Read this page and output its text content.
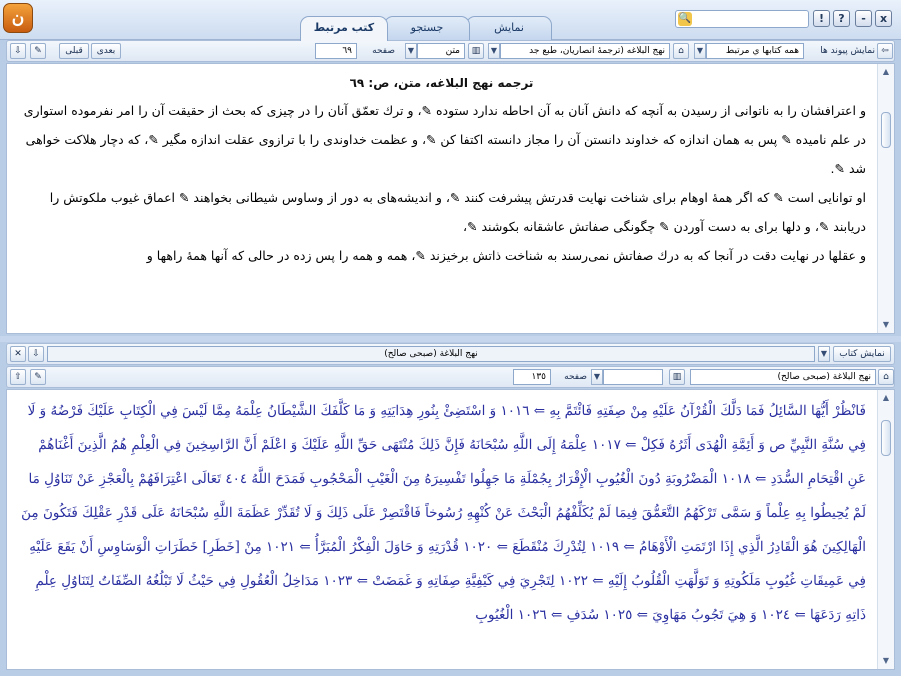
ن	نمایش
جستجو
کتب مرتبط
🔍	!	?	-	x
⇩	✎	قبلی	بعدی	٦٩	صفحه	▼	متن	▥	▼	نهج البلاغه (ترجمهٔ انصاريان، طبع جد	⌂	▼	همه كتابها ي مرتبط	نمایش پیوند ها ⇦
ترجمه نهج البلاغه، متن، ص: ٦٩

و اعترافشان را به ناتوانى از رسيدن به آنچه كه دانش آنان به آن احاطه ندارد ستوده ✎، و ترك تعمّق آنان را در چيزى كه بحث از حقيقت آن را امر نفرموده استوارى در علم ناميده ✎ پس به همان اندازه كه خداوند دانستن آن را مجاز دانسته اكتفا كن ✎، و عظمت خداوندى را با ترازوى عقلت اندازه مگير ✎، كه دچار هلاكت خواهى شد ✎.

او توانايى است ✎ كه اگر همهٔ اوهام براى شناخت نهايت قدرتش پيشرفت كنند ✎، و انديشه‌هاى به دور از وساوس شيطانى بخواهند ✎ اعماق غيوب ملكوتش را دريابند ✎، و دلها براى به دست آوردن ✎ چگونگى صفاتش عاشقانه بكوشند ✎،

و عقلها در نهايت دقت در آنجا كه به درك صفاتش نمى‌رسند به شناخت ذاتش برخيزند ✎، همه و همه را پس زده در حالى كه آنها همهٔ راهها و

▲
▼
✕	⇩	نهج البلاغة (صبحی صالح)	▼	نمایش کتاب
⇧	✎	١٣٥	صفحه ▼	▥	نهج البلاغة (صبحی صالح)	⌂

فَانْظُرْ أَيُّهَا السَّائِلُ فَمَا دَلَّكَ الْقُرْآنُ عَلَيْهِ مِنْ صِفَتِهِ فَائْتَمَّ بِهِ ⇐ ١٠١٦ وَ اسْتَضِئْ بِنُورِ هِدَايَتِهِ وَ مَا كَلَّفَكَ الشَّيْطَانُ عِلْمَهُ مِمَّا لَيْسَ فِي الْكِتَابِ عَلَيْكَ فَرْضُهُ وَ لَا فِي سُنَّةِ النَّبِيِّ ص وَ أَئِمَّةِ الْهُدَى أَثَرُهُ فَكِلْ ⇐ ١٠١٧ عِلْمَهُ إِلَى اللَّهِ سُبْحَانَهُ فَإِنَّ ذَلِكَ مُنْتَهَى حَقِّ اللَّهِ عَلَيْكَ وَ اعْلَمْ أَنَّ الرَّاسِخِينَ فِي الْعِلْمِ هُمُ الَّذِينَ أَغْنَاهُمْ عَنِ اقْتِحَامِ السُّدَدِ ⇐ ١٠١٨ الْمَضْرُوبَةِ دُونَ الْغُيُوبِ الْإِقْرَارُ بِجُمْلَةِ مَا جَهِلُوا تَفْسِيرَهُ مِنَ الْغَيْبِ الْمَحْجُوبِ فَمَدَحَ اللَّهُ ٤٠٤ تَعَالَى اعْتِرَافَهُمْ بِالْعَجْزِ عَنْ تَنَاوُلِ مَا لَمْ يُحِيطُوا بِهِ عِلْماً وَ سَمَّى تَرْكَهُمُ التَّعَمُّقَ فِيمَا لَمْ يُكَلِّفْهُمُ الْبَحْثَ عَنْ كُنْهِهِ رُسُوخاً فَاقْتَصِرْ عَلَى ذَلِكَ وَ لَا تُقَدِّرْ عَظَمَةَ اللَّهِ سُبْحَانَهُ عَلَى قَدْرِ عَقْلِكَ فَتَكُونَ مِنَ الْهَالِكِينَ هُوَ الْقَادِرُ الَّذِي إِذَا ارْتَمَتِ الْأَوْهَامُ ⇐ ١٠١٩ لِتُدْرِكَ مُنْقَطَعَ ⇐ ١٠٢٠ قُدْرَتِهِ وَ حَاوَلَ الْفِكْرُ الْمُبَرَّأُ ⇐ ١٠٢١ مِنْ [خَطَرِ] خَطَرَاتِ الْوَسَاوِسِ أَنْ يَقَعَ عَلَيْهِ فِي عَمِيقَاتِ غُيُوبِ مَلَكُوتِهِ وَ تَوَلَّهَتِ الْقُلُوبُ إِلَيْهِ ⇐ ١٠٢٢ لِتَجْرِيَ فِي كَيْفِيَّةِ صِفَاتِهِ وَ غَمَضَتْ ⇐ ١٠٢٣ مَدَاخِلُ الْعُقُولِ فِي حَيْثُ لَا تَبْلُغُهُ الصِّفَاتُ لِتَنَاوُلِ عِلْمِ ذَاتِهِ رَدَعَهَا ⇐ ١٠٢٤ وَ هِيَ تَجُوبُ مَهَاوِيَ ⇐ ١٠٢٥ سُدَفِ ⇐ ١٠٢٦ الْغُيُوبِ

▲
▼
